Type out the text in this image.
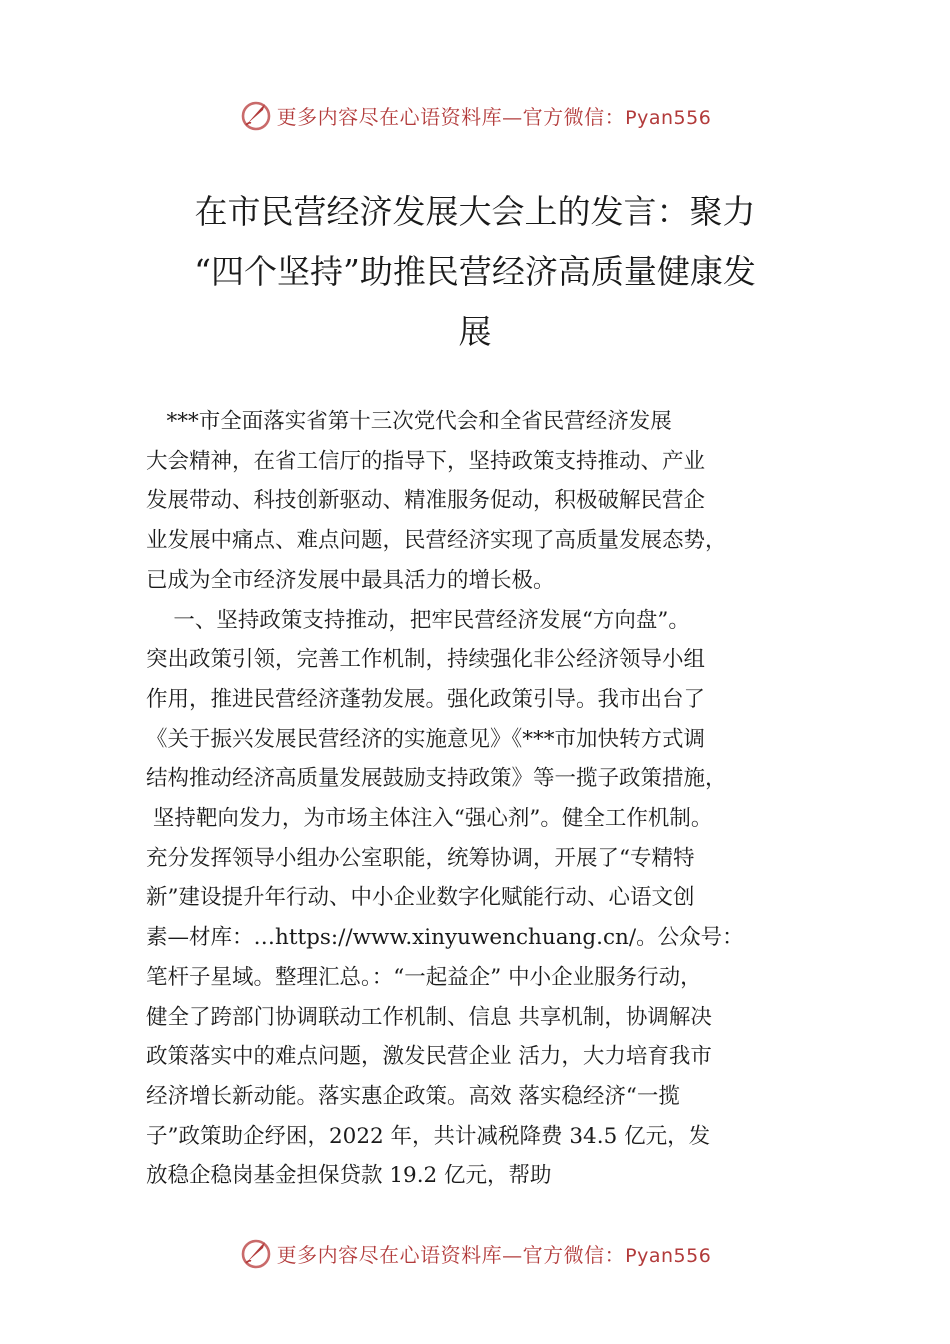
更多内容尽在心语资料库—官方微信：Pyan556
在市民营经济发展大会上的发言：聚力
“四个坚持”助推民营经济高质量健康发
展
***市全面落实省第十三次党代会和全省民营经济发展
大会精神，在省工信厅的指导下，坚持政策支持推动、产业
发展带动、科技创新驱动、精准服务促动，积极破解民营企
业发展中痛点、难点问题，民营经济实现了高质量发展态势，
已成为全市经济发展中最具活力的增长极。
一、坚持政策支持推动，把牢民营经济发展“方向盘”。
突出政策引领，完善工作机制，持续强化非公经济领导小组
作用，推进民营经济蓬勃发展。强化政策引导。我市出台了
《关于振兴发展民营经济的实施意见》《***市加快转方式调
结构推动经济高质量发展鼓励支持政策》等一揽子政策措施，
坚持靶向发力，为市场主体注入“强心剂”。健全工作机制。
充分发挥领导小组办公室职能，统筹协调，开展了“专精特
新”建设提升年行动、中小企业数字化赋能行动、心语文创
素—材库：…https://www.xinyuwenchuang.cn/。公众号：
笔杆子星域。整理汇总。：“一起益企” 中小企业服务行动，
健全了跨部门协调联动工作机制、信息 共享机制，协调解决
政策落实中的难点问题，激发民营企业 活力，大力培育我市
经济增长新动能。落实惠企政策。高效 落实稳经济“一揽
子”政策助企纾困，2022 年，共计减税降费 34.5 亿元，发
放稳企稳岗基金担保贷款 19.2 亿元，帮助
更多内容尽在心语资料库—官方微信：Pyan556
